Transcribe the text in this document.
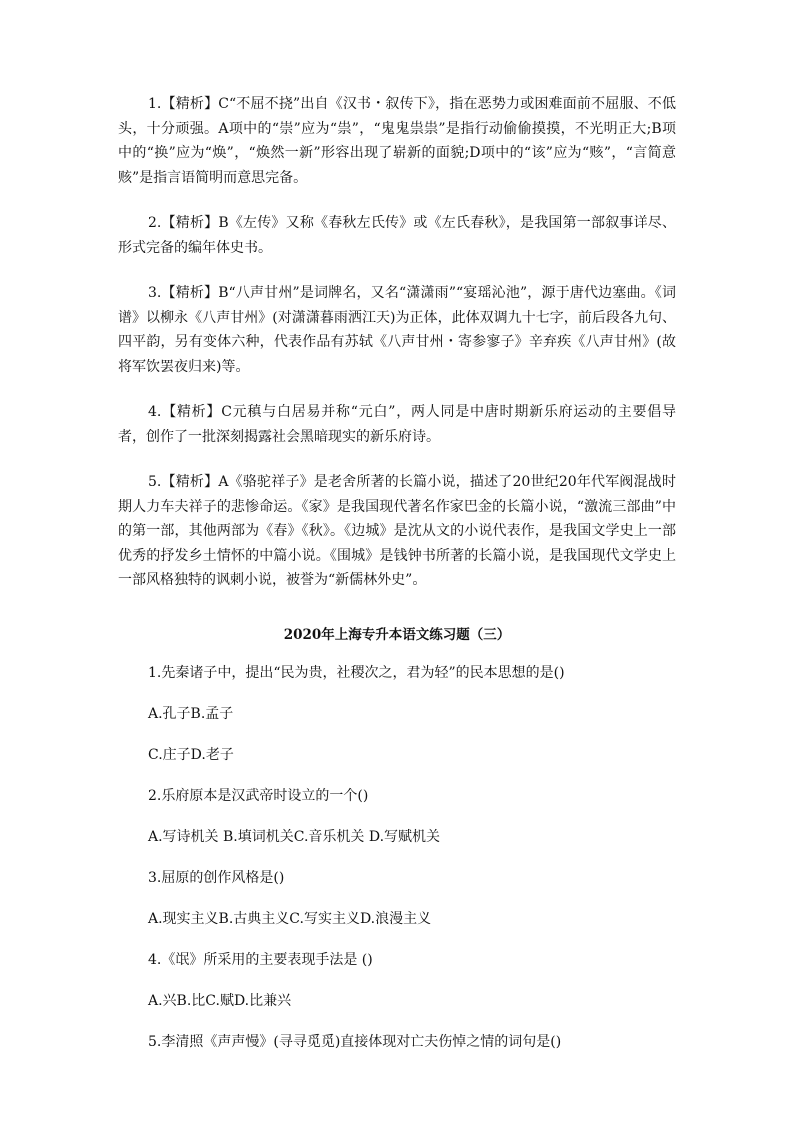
1.【精析】C“不屈不挠”出自《汉书・叙传下》，指在恶势力或困难面前不屈服、不低头，十分顽强。A项中的“崇”应为“祟”，“鬼鬼祟祟”是指行动偷偷摸摸，不光明正大;B项中的“换”应为“焕”，“焕然一新”形容出现了崭新的面貌;D项中的“该”应为“赅”，“言简意赅”是指言语简明而意思完备。

2.【精析】B《左传》又称《春秋左氏传》或《左氏春秋》，是我国第一部叙事详尽、形式完备的编年体史书。

3.【精析】B“八声甘州”是词牌名，又名“潇潇雨”“宴瑶沁池”，源于唐代边塞曲。《词谱》以柳永《八声甘州》(对潇潇暮雨洒江天)为正体，此体双调九十七字，前后段各九句、四平韵，另有变体六种，代表作品有苏轼《八声甘州・寄参寥子》辛弃疾《八声甘州》(故将军饮罢夜归来)等。

4.【精析】C元稹与白居易并称“元白”，两人同是中唐时期新乐府运动的主要倡导者，创作了一批深刻揭露社会黑暗现实的新乐府诗。

5.【精析】A《骆驼祥子》是老舍所著的长篇小说，描述了20世纪20年代军阀混战时期人力车夫祥子的悲惨命运。《家》是我国现代著名作家巴金的长篇小说，“激流三部曲”中的第一部，其他两部为《春》《秋》。《边城》是沈从文的小说代表作，是我国文学史上一部优秀的抒发乡土情怀的中篇小说。《围城》是钱钟书所著的长篇小说，是我国现代文学史上一部风格独特的讽刺小说，被誉为“新儒林外史”。

2020年上海专升本语文练习题（三）

1.先秦诸子中，提出“民为贵，社稷次之，君为轻”的民本思想的是()

A.孔子B.孟子

C.庄子D.老子

2.乐府原本是汉武帝时设立的一个()

A.写诗机关 B.填词机关C.音乐机关 D.写赋机关

3.屈原的创作风格是()

A.现实主义B.古典主义C.写实主义D.浪漫主义

4.《氓》所采用的主要表现手法是 ()

A.兴B.比C.赋D.比兼兴

5.李清照《声声慢》(寻寻觅觅)直接体现对亡夫伤悼之情的词句是()
